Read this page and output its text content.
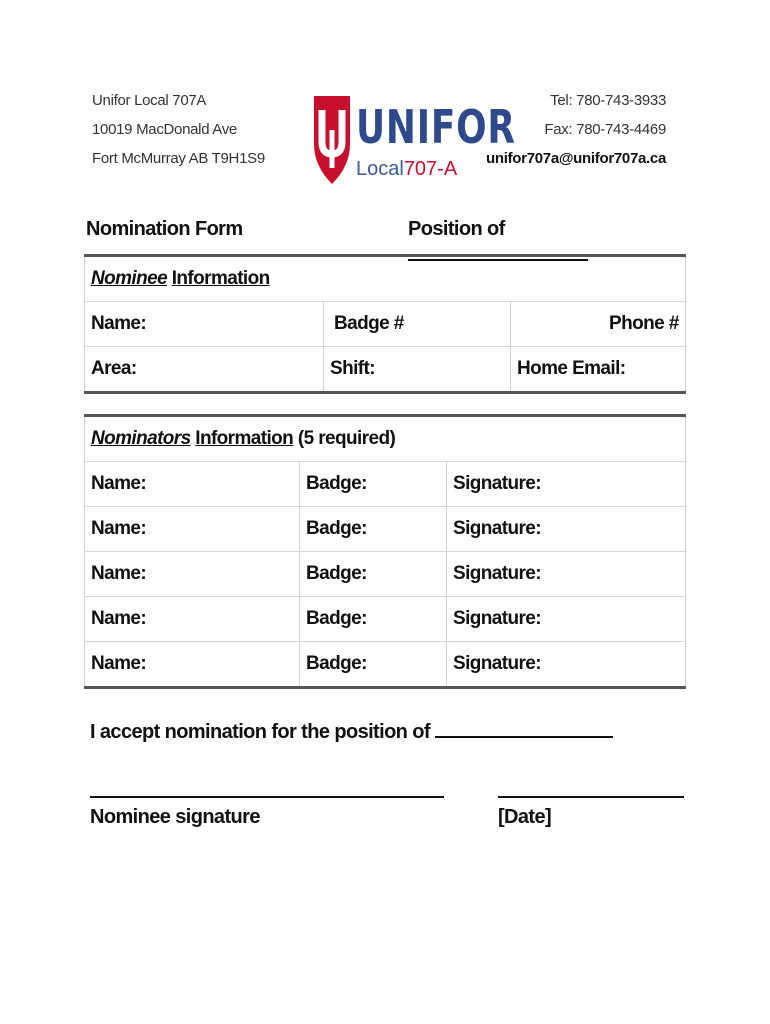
Unifor Local 707A
10019 MacDonald Ave
Fort McMurray AB T9H1S9
UNIFOR
Local707-A
Tel: 780-743-3933
Fax: 780-743-4469
unifor707a@unifor707a.ca
Nomination Form	Position of
Nominee Information		
Name:	Badge #	Phone #
Area:	Shift:	Home Email:
Nominators Information (5 required)		
Name:	Badge:	Signature:
Name:	Badge:	Signature:
Name:	Badge:	Signature:
Name:	Badge:	Signature:
Name:	Badge:	Signature:
I accept nomination for the position of
Nominee signature	[Date]
